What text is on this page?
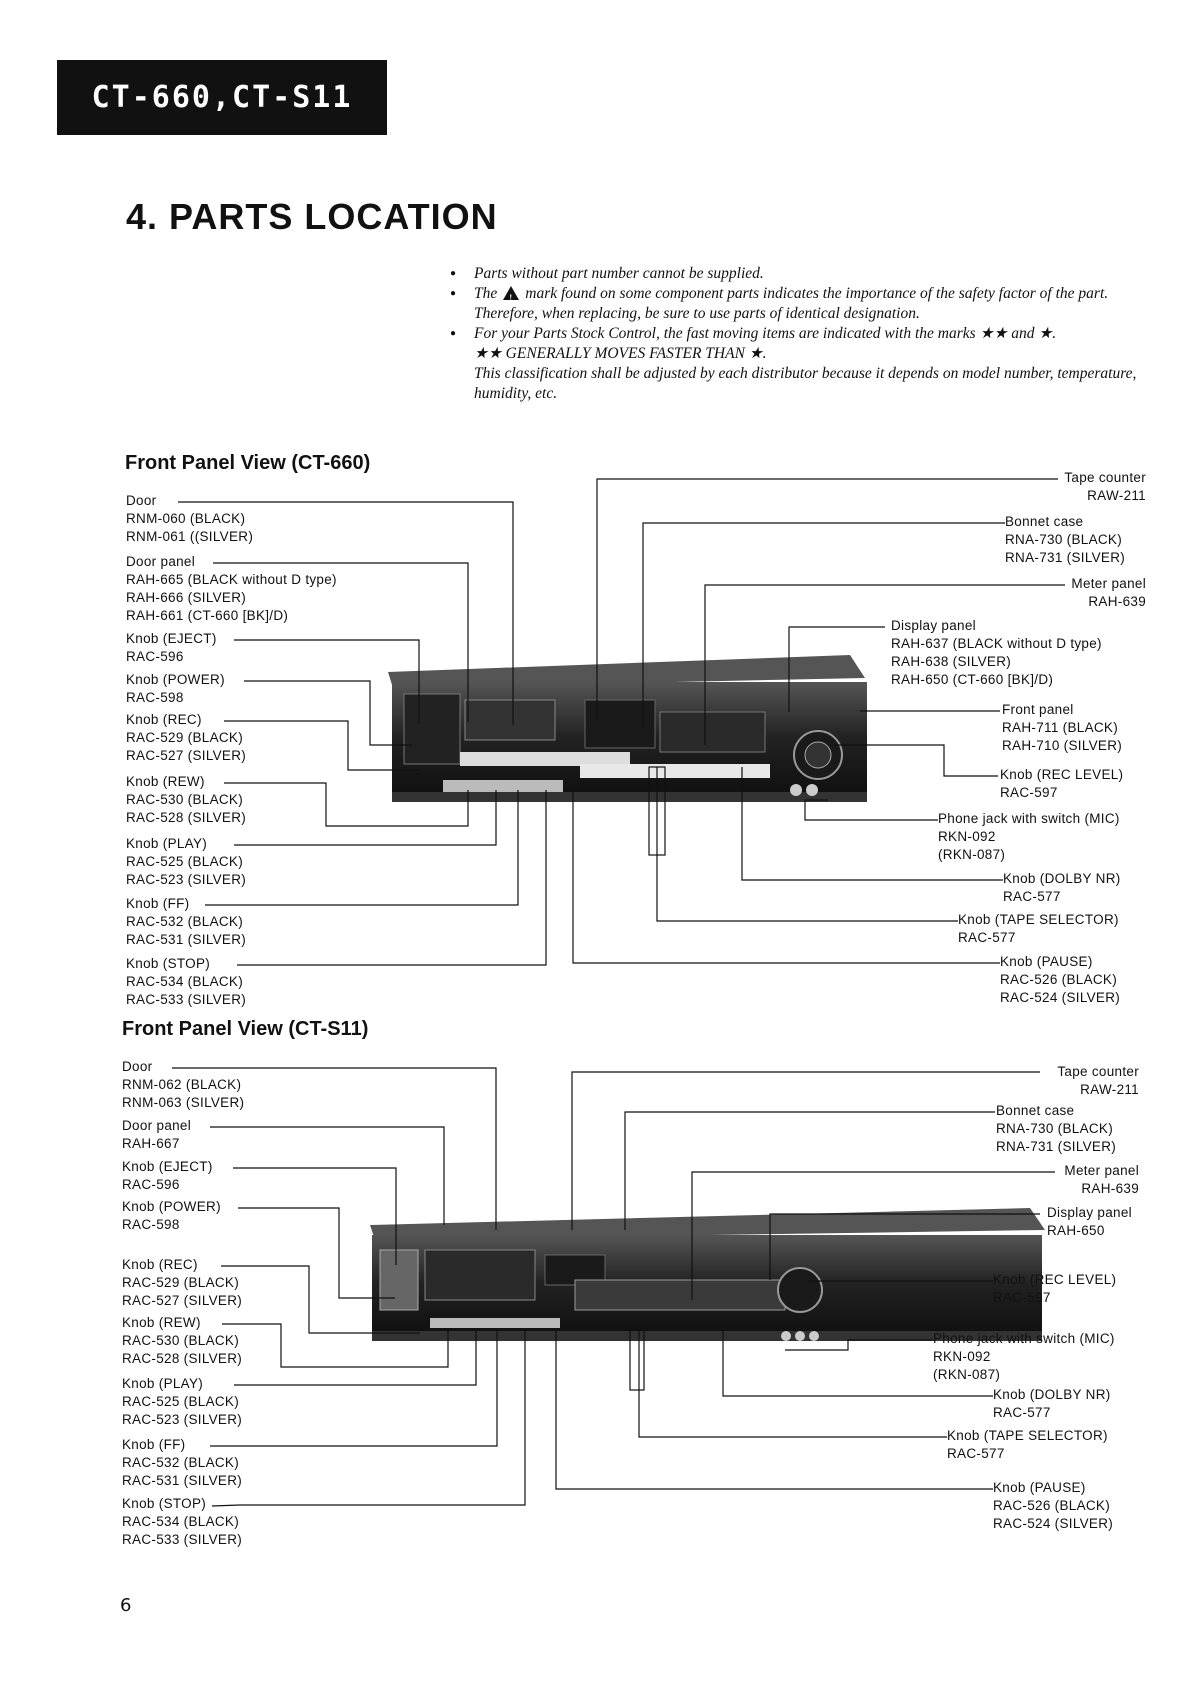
CT-660,CT-S11
4. PARTS LOCATION
● Parts without part number cannot be supplied.
● The! mark found on some component parts indicates the importance of the safety factor of the part. Therefore, when replacing, be sure to use parts of identical designation.
● For your Parts Stock Control, the fast moving items are indicated with the marks ★★ and ★.
★★ GENERALLY MOVES FASTER THAN ★.
This classification shall be adjusted by each distributor because it depends on model number, temperature, humidity, etc.
Front Panel View (CT-660)
Front Panel View (CT-S11)
Door
RNM-060 (BLACK)
RNM-061 ((SILVER)
Door panel
RAH-665 (BLACK without D type)
RAH-666 (SILVER)
RAH-661 (CT-660 [BK]/D)
Knob (EJECT)
RAC-596
Knob (POWER)
RAC-598
Knob (REC)
RAC-529 (BLACK)
RAC-527 (SILVER)
Knob (REW)
RAC-530 (BLACK)
RAC-528 (SILVER)
Knob (PLAY)
RAC-525 (BLACK)
RAC-523 (SILVER)
Knob (FF)
RAC-532 (BLACK)
RAC-531 (SILVER)
Knob (STOP)
RAC-534 (BLACK)
RAC-533 (SILVER)
Tape counter
RAW-211
Bonnet case
RNA-730 (BLACK)
RNA-731 (SILVER)
Meter panel
RAH-639
Display panel
RAH-637 (BLACK without D type)
RAH-638 (SILVER)
RAH-650 (CT-660 [BK]/D)
Front panel
RAH-711 (BLACK)
RAH-710 (SILVER)
Knob (REC LEVEL)
RAC-597
Phone jack with switch (MIC)
RKN-092
(RKN-087)
Knob (DOLBY NR)
RAC-577
Knob (TAPE SELECTOR)
RAC-577
Knob (PAUSE)
RAC-526 (BLACK)
RAC-524 (SILVER)
Door
RNM-062 (BLACK)
RNM-063 (SILVER)
Door panel
RAH-667
Knob (EJECT)
RAC-596
Knob (POWER)
RAC-598
Knob (REC)
RAC-529 (BLACK)
RAC-527 (SILVER)
Knob (REW)
RAC-530 (BLACK)
RAC-528 (SILVER)
Knob (PLAY)
RAC-525 (BLACK)
RAC-523 (SILVER)
Knob (FF)
RAC-532 (BLACK)
RAC-531 (SILVER)
Knob (STOP)
RAC-534 (BLACK)
RAC-533 (SILVER)
Tape counter
RAW-211
Bonnet case
RNA-730 (BLACK)
RNA-731 (SILVER)
Meter panel
RAH-639
Display panel
RAH-650
Knob (REC LEVEL)
RAC-597
Phone jack with switch (MIC)
RKN-092
(RKN-087)
Knob (DOLBY NR)
RAC-577
Knob (TAPE SELECTOR)
RAC-577
Knob (PAUSE)
RAC-526 (BLACK)
RAC-524 (SILVER)
6
